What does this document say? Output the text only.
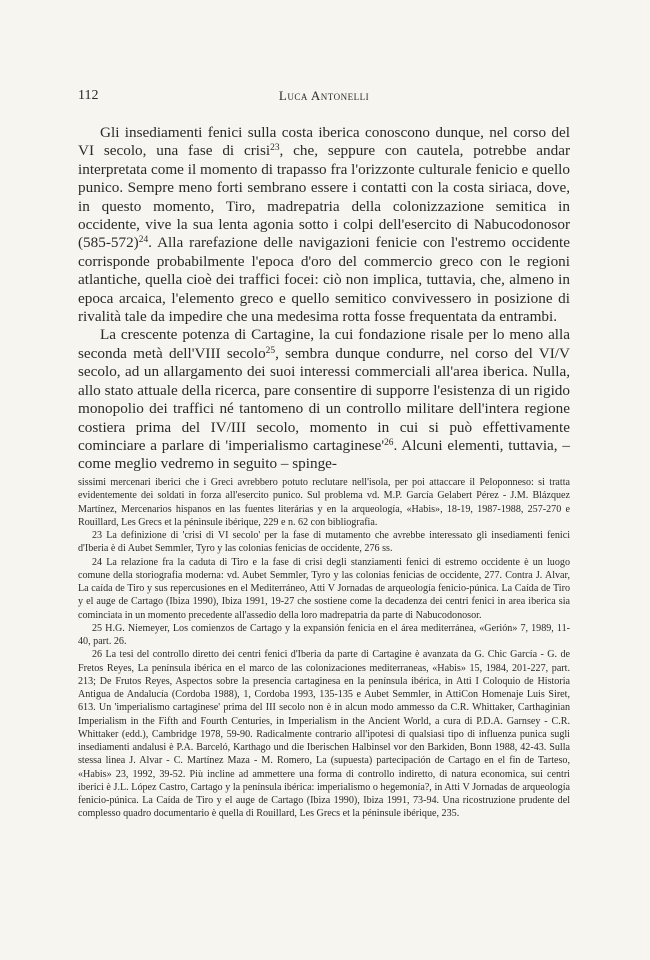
112	Luca Antonelli

Gli insediamenti fenici sulla costa iberica conoscono dunque, nel corso del VI secolo, una fase di crisi$^{23}$, che, seppure con cautela, potrebbe andar interpretata come il momento di trapasso fra l'orizzonte culturale fenicio e quello punico. Sempre meno forti sembrano essere i contatti con la costa siriaca, dove, in questo momento, Tiro, madrepatria della colonizzazione semitica in occidente, vive la sua lenta agonia sotto i colpi dell'esercito di Nabucodonosor $(585-572)^{24}$. Alla rarefazione delle navigazioni fenicie con l'estremo occidente corrisponde probabilmente l'epoca d'oro del commercio greco con le regioni atlantiche, quella cioè dei traffici focei: ciò non implica, tuttavia, che, almeno in epoca arcaica, l'elemento greco e quello semitico convivessero in posizione di rivalità tale da impedire che una medesima rotta fosse frequentata da entrambi.

La crescente potenza di Cartagine, la cui fondazione risale per lo meno alla seconda metà dell'VIII secolo$^{25}$, sembra dunque condurre, nel corso del VI/V secolo, ad un allargamento dei suoi interessi commerciali all'area iberica. Nulla, allo stato attuale della ricerca, pare consentire di supporre l'esistenza di un rigido monopolio dei traffici né tantomeno di un controllo militare dell'intera regione costiera prima del IV/III secolo, momento in cui si può effettivamente cominciare a parlare di 'imperialismo $cartaginese'^{26}$. Alcuni elementi, tuttavia, – come meglio vedremo in seguito – spinge-

sissimi mercenari iberici che i Greci avrebbero potuto reclutare nell'isola, per poi attaccare il Peloponneso: si tratta evidentemente dei soldati in forza all'esercito punico. Sul problema vd. M.P. García Gelabert Pérez - J.M. Blázquez Martínez, Mercenarios hispanos en las fuentes literárias y en la arqueología, «Habis», 18-19, 1987-1988, 257-270 e Rouillard, Les Grecs et la péninsule ibérique, 229 e n. 62 con bibliografia.

23 La definizione di 'crisi di VI secolo' per la fase di mutamento che avrebbe interessato gli insediamenti fenici d'Iberia è di Aubet Semmler, Tyro y las colonias fenicias de occidente, 276 ss.

24 La relazione fra la caduta di Tiro e la fase di crisi degli stanziamenti fenici di estremo occidente è un luogo comune della storiografia moderna: vd. Aubet Semmler, Tyro y las colonias fenicias de occidente, 277. Contra J. Alvar, La caída de Tiro y sus repercusiones en el Mediterráneo, Atti V Jornadas de arqueología fenicio-púnica. La Caída de Tiro y el auge de Cartago (Ibiza 1990), Ibiza 1991, 19-27 che sostiene come la decadenza dei centri fenici in area iberica sia cominciata in un momento precedente all'assedio della loro madrepatria da parte di Nabucodonosor.

25 H.G. Niemeyer, Los comienzos de Cartago y la expansión fenicia en el área mediterránea, «Gerión» 7, 1989, 11-40, part. 26.

26 La tesi del controllo diretto dei centri fenici d'Iberia da parte di Cartagine è avanzata da G. Chic García - G. de Fretos Reyes, La península ibérica en el marco de las colonizaciones mediterraneas, «Habis» 15, 1984, 201-227, part. 213; De Frutos Reyes, Aspectos sobre la presencia cartaginesa en la península ibérica, in Atti I Coloquio de Historia Antigua de Andalucía (Cordoba 1988), 1, Cordoba 1993, 135-135 e Aubet Semmler, in AttiCon Homenaje Luis Siret, 613. Un 'imperialismo cartaginese' prima del III secolo non è in alcun modo ammesso da C.R. Whittaker, Carthaginian Imperialism in the Fifth and Fourth Centuries, in Imperialism in the Ancient World, a cura di P.D.A. Garnsey - C.R. Whittaker (edd.), Cambridge 1978, 59-90. Radicalmente contrario all'ipotesi di qualsiasi tipo di influenza punica sugli insediamenti andalusi è P.A. Barceló, Karthago und die Iberischen Halbinsel vor den Barkiden, Bonn 1988, 42-43. Sulla stessa linea J. Alvar - C. Martínez Maza - M. Romero, La (supuesta) partecipación de Cartago en el fin de Tarteso, «Habis» 23, 1992, 39-52. Più incline ad ammettere una forma di controllo indiretto, di natura economica, sui centri iberici è J.L. López Castro, Cartago y la península ibérica: imperialismo o hegemonía?, in Atti V Jornadas de arqueología fenicio-púnica. La Caída de Tiro y el auge de Cartago (Ibiza 1990), Ibiza 1991, 73-94. Una ricostruzione prudente del complesso quadro documentario è quella di Rouillard, Les Grecs et la péninsule ibérique, 235.
